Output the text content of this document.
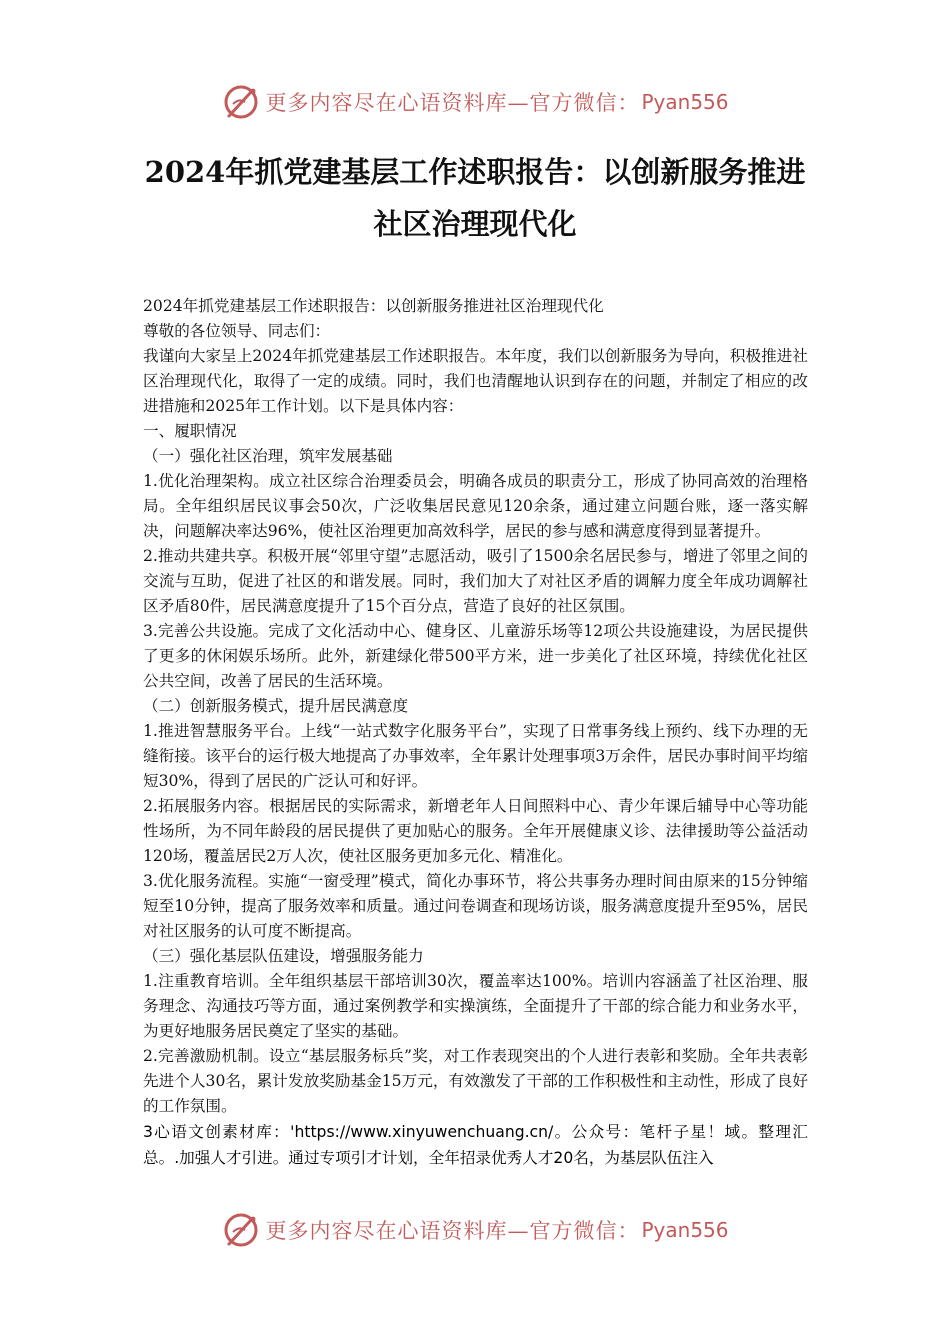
更多内容尽在心语资料库—官方微信： Pyan556
2024年抓党建基层工作述职报告：以创新服务推进
社区治理现代化

2024年抓党建基层工作述职报告：以创新服务推进社区治理现代化

尊敬的各位领导、同志们：

我谨向大家呈上2024年抓党建基层工作述职报告。本年度，我们以创新服务为导向，积极推进社区治理现代化，取得了一定的成绩。同时，我们也清醒地认识到存在的问题，并制定了相应的改进措施和2025年工作计划。以下是具体内容：

一、履职情况

（一）强化社区治理，筑牢发展基础

1.优化治理架构。成立社区综合治理委员会，明确各成员的职责分工，形成了协同高效的治理格局。全年组织居民议事会50次，广泛收集居民意见120余条，通过建立问题台账，逐一落实解决，问题解决率达96%，使社区治理更加高效科学，居民的参与感和满意度得到显著提升。

2.推动共建共享。积极开展“邻里守望”志愿活动，吸引了1500余名居民参与，增进了邻里之间的交流与互助，促进了社区的和谐发展。同时，我们加大了对社区矛盾的调解力度全年成功调解社区矛盾80件，居民满意度提升了15个百分点，营造了良好的社区氛围。

3.完善公共设施。完成了文化活动中心、健身区、儿童游乐场等12项公共设施建设，为居民提供了更多的休闲娱乐场所。此外，新建绿化带500平方米，进一步美化了社区环境，持续优化社区公共空间，改善了居民的生活环境。

（二）创新服务模式，提升居民满意度

1.推进智慧服务平台。上线“一站式数字化服务平台”，实现了日常事务线上预约、线下办理的无缝衔接。该平台的运行极大地提高了办事效率，全年累计处理事项3万余件，居民办事时间平均缩短30%，得到了居民的广泛认可和好评。

2.拓展服务内容。根据居民的实际需求，新增老年人日间照料中心、青少年课后辅导中心等功能性场所，为不同年龄段的居民提供了更加贴心的服务。全年开展健康义诊、法律援助等公益活动120场，覆盖居民2万人次，使社区服务更加多元化、精准化。

3.优化服务流程。实施“一窗受理”模式，简化办事环节，将公共事务办理时间由原来的15分钟缩短至10分钟，提高了服务效率和质量。通过问卷调查和现场访谈，服务满意度提升至95%，居民对社区服务的认可度不断提高。

（三）强化基层队伍建设，增强服务能力

1.注重教育培训。全年组织基层干部培训30次，覆盖率达100%。培训内容涵盖了社区治理、服务理念、沟通技巧等方面，通过案例教学和实操演练，全面提升了干部的综合能力和业务水平，为更好地服务居民奠定了坚实的基础。

2.完善激励机制。设立“基层服务标兵”奖，对工作表现突出的个人进行表彰和奖励。全年共表彰先进个人30名，累计发放奖励基金15万元，有效激发了干部的工作积极性和主动性，形成了良好的工作氛围。

3心语文创素材库：'https://www.xinyuwenchuang.cn/。公众号：笔杆子星！域。整理汇总。.加强人才引进。通过专项引才计划，全年招录优秀人才20名，为基层队伍注入

更多内容尽在心语资料库—官方微信： Pyan556
